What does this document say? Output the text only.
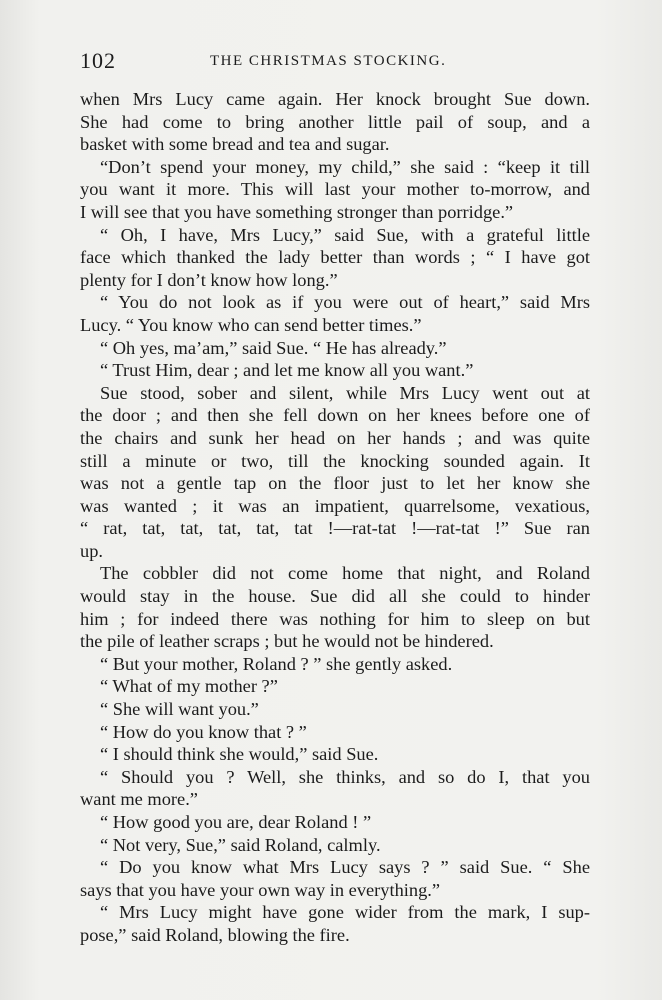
102	THE CHRISTMAS STOCKING.
when Mrs Lucy came again. Her knock brought Sue down.
She had come to bring another little pail of soup, and a
basket with some bread and tea and sugar.
“Don’t spend your money, my child,” she said : “keep it till
you want it more. This will last your mother to-morrow, and
I will see that you have something stronger than porridge.”
“ Oh, I have, Mrs Lucy,” said Sue, with a grateful little
face which thanked the lady better than words ; “ I have got
plenty for I don’t know how long.”
“ You do not look as if you were out of heart,” said Mrs
Lucy. “ You know who can send better times.”
“ Oh yes, ma’am,” said Sue. “ He has already.”
“ Trust Him, dear ; and let me know all you want.”
Sue stood, sober and silent, while Mrs Lucy went out at
the door ; and then she fell down on her knees before one of
the chairs and sunk her head on her hands ; and was quite
still a minute or two, till the knocking sounded again. It
was not a gentle tap on the floor just to let her know she
was wanted ; it was an impatient, quarrelsome, vexatious,
“ rat, tat, tat, tat, tat, tat !—rat-tat !—rat-tat !” Sue ran
up.
The cobbler did not come home that night, and Roland
would stay in the house. Sue did all she could to hinder
him ; for indeed there was nothing for him to sleep on but
the pile of leather scraps ; but he would not be hindered.
“ But your mother, Roland ? ” she gently asked.
“ What of my mother ?”
“ She will want you.”
“ How do you know that ? ”
“ I should think she would,” said Sue.
“ Should you ? Well, she thinks, and so do I, that you
want me more.”
“ How good you are, dear Roland ! ”
“ Not very, Sue,” said Roland, calmly.
“ Do you know what Mrs Lucy says ? ” said Sue. “ She
says that you have your own way in everything.”
“ Mrs Lucy might have gone wider from the mark, I sup-
pose,” said Roland, blowing the fire.
